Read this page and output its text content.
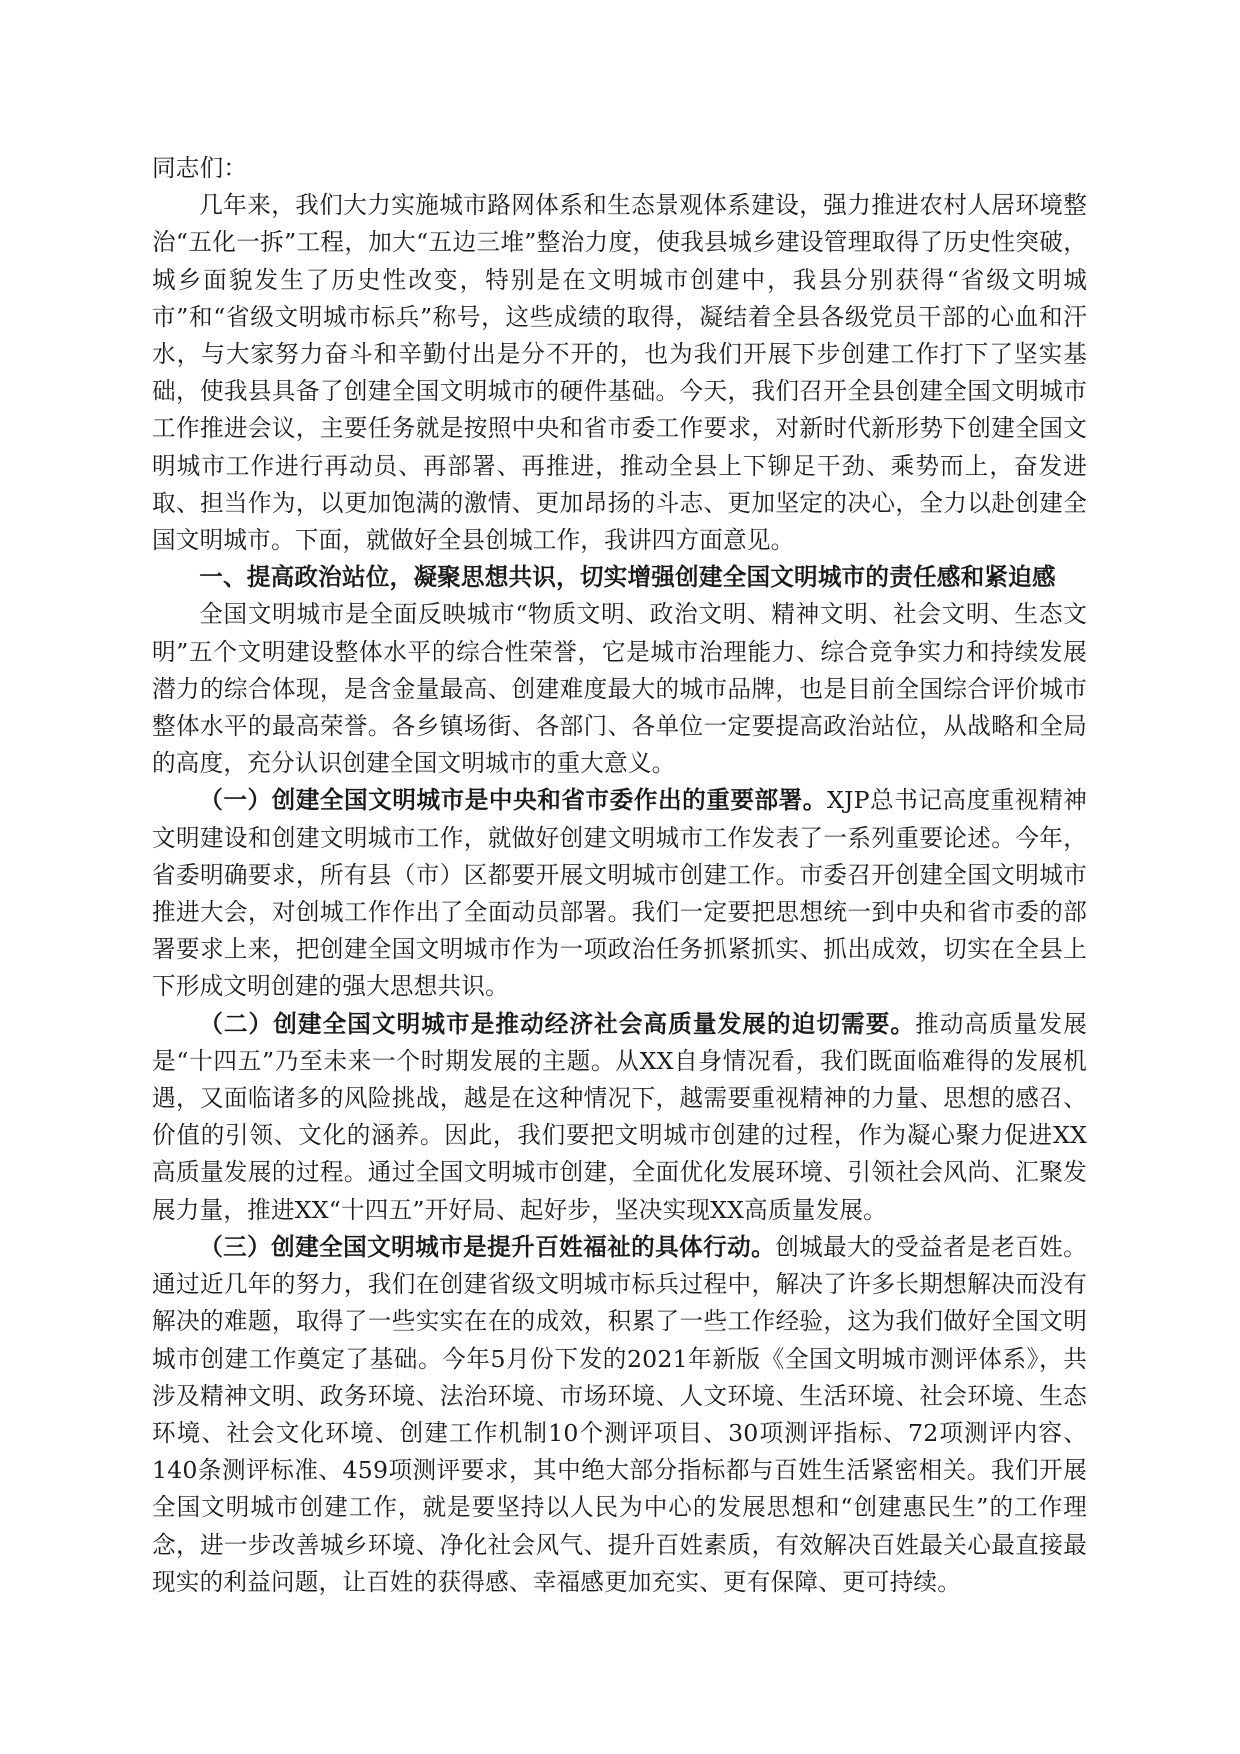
同志们：

几年来，我们大力实施城市路网体系和生态景观体系建设，强力推进农村人居环境整治“五化一拆”工程，加大“五边三堆”整治力度，使我县城乡建设管理取得了历史性突破，城乡面貌发生了历史性改变，特别是在文明城市创建中，我县分别获得“省级文明城市”和“省级文明城市标兵”称号，这些成绩的取得，凝结着全县各级党员干部的心血和汗水，与大家努力奋斗和辛勤付出是分不开的，也为我们开展下步创建工作打下了坚实基础，使我县具备了创建全国文明城市的硬件基础。今天，我们召开全县创建全国文明城市工作推进会议，主要任务就是按照中央和省市委工作要求，对新时代新形势下创建全国文明城市工作进行再动员、再部署、再推进，推动全县上下铆足干劲、乘势而上，奋发进取、担当作为，以更加饱满的激情、更加昂扬的斗志、更加坚定的决心，全力以赴创建全国文明城市。下面，就做好全县创城工作，我讲四方面意见。

一、提高政治站位，凝聚思想共识，切实增强创建全国文明城市的责任感和紧迫感

全国文明城市是全面反映城市“物质文明、政治文明、精神文明、社会文明、生态文明”五个文明建设整体水平的综合性荣誉，它是城市治理能力、综合竞争实力和持续发展潜力的综合体现，是含金量最高、创建难度最大的城市品牌，也是目前全国综合评价城市整体水平的最高荣誉。各乡镇场街、各部门、各单位一定要提高政治站位，从战略和全局的高度，充分认识创建全国文明城市的重大意义。

（一）创建全国文明城市是中央和省市委作出的重要部署。XJP总书记高度重视精神文明建设和创建文明城市工作，就做好创建文明城市工作发表了一系列重要论述。今年，省委明确要求，所有县（市）区都要开展文明城市创建工作。市委召开创建全国文明城市推进大会，对创城工作作出了全面动员部署。我们一定要把思想统一到中央和省市委的部署要求上来，把创建全国文明城市作为一项政治任务抓紧抓实、抓出成效，切实在全县上下形成文明创建的强大思想共识。

（二）创建全国文明城市是推动经济社会高质量发展的迫切需要。推动高质量发展是“十四五”乃至未来一个时期发展的主题。从XX自身情况看，我们既面临难得的发展机遇，又面临诸多的风险挑战，越是在这种情况下，越需要重视精神的力量、思想的感召、价值的引领、文化的涵养。因此，我们要把文明城市创建的过程，作为凝心聚力促进XX高质量发展的过程。通过全国文明城市创建，全面优化发展环境、引领社会风尚、汇聚发展力量，推进XX“十四五”开好局、起好步，坚决实现XX高质量发展。

（三）创建全国文明城市是提升百姓福祉的具体行动。创城最大的受益者是老百姓。通过近几年的努力，我们在创建省级文明城市标兵过程中，解决了许多长期想解决而没有解决的难题，取得了一些实实在在的成效，积累了一些工作经验，这为我们做好全国文明城市创建工作奠定了基础。今年5月份下发的2021年新版《全国文明城市测评体系》，共涉及精神文明、政务环境、法治环境、市场环境、人文环境、生活环境、社会环境、生态环境、社会文化环境、创建工作机制10个测评项目、30项测评指标、72项测评内容、140条测评标准、459项测评要求，其中绝大部分指标都与百姓生活紧密相关。我们开展全国文明城市创建工作，就是要坚持以人民为中心的发展思想和“创建惠民生”的工作理念，进一步改善城乡环境、净化社会风气、提升百姓素质，有效解决百姓最关心最直接最现实的利益问题，让百姓的获得感、幸福感更加充实、更有保障、更可持续。
